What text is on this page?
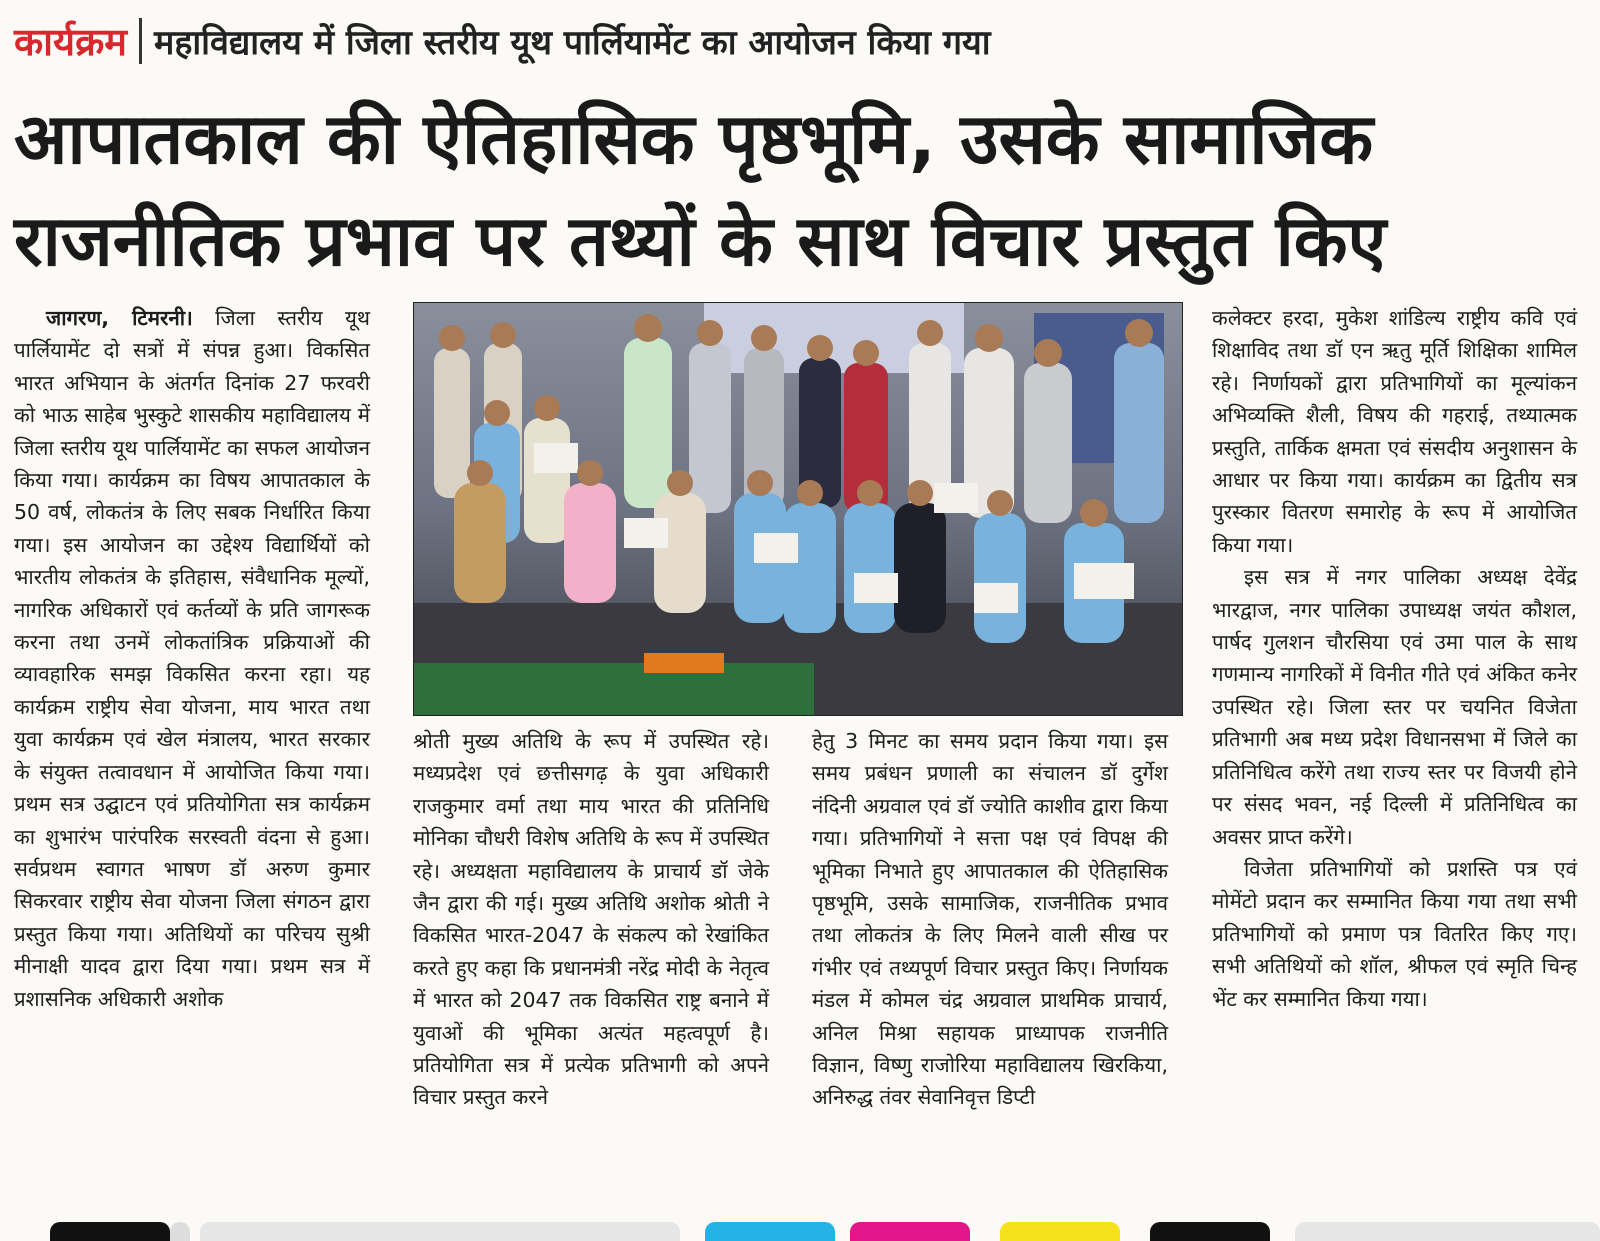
कार्यक्रम महाविद्यालय में जिला स्तरीय यूथ पार्लियामेंट का आयोजन किया गया
आपातकाल की ऐतिहासिक पृष्ठभूमि, उसके सामाजिक
राजनीतिक प्रभाव पर तथ्यों के साथ विचार प्रस्तुत किए

जागरण, टिमरनी। जिला स्तरीय यूथ पार्लियामेंट दो सत्रों में संपन्न हुआ। विकसित भारत अभियान के अंतर्गत दिनांक 27 फरवरी को भाऊ साहेब भुस्कुटे शासकीय महाविद्यालय में जिला स्तरीय यूथ पार्लियामेंट का सफल आयोजन किया गया। कार्यक्रम का विषय आपातकाल के 50 वर्ष, लोकतंत्र के लिए सबक निर्धारित किया गया। इस आयोजन का उद्देश्य विद्यार्थियों को भारतीय लोकतंत्र के इतिहास, संवैधानिक मूल्यों, नागरिक अधिकारों एवं कर्तव्यों के प्रति जागरूक करना तथा उनमें लोकतांत्रिक प्रक्रियाओं की व्यावहारिक समझ विकसित करना रहा। यह कार्यक्रम राष्ट्रीय सेवा योजना, माय भारत तथा युवा कार्यक्रम एवं खेल मंत्रालय, भारत सरकार के संयुक्त तत्वावधान में आयोजित किया गया। प्रथम सत्र उद्घाटन एवं प्रतियोगिता सत्र कार्यक्रम का शुभारंभ पारंपरिक सरस्वती वंदना से हुआ। सर्वप्रथम स्वागत भाषण डॉ अरुण कुमार सिकरवार राष्ट्रीय सेवा योजना जिला संगठन द्वारा प्रस्तुत किया गया। अतिथियों का परिचय सुश्री मीनाक्षी यादव द्वारा दिया गया। प्रथम सत्र में प्रशासनिक अधिकारी अशोक

श्रोती मुख्य अतिथि के रूप में उपस्थित रहे। मध्यप्रदेश एवं छत्तीसगढ़ के युवा अधिकारी राजकुमार वर्मा तथा माय भारत की प्रतिनिधि मोनिका चौधरी विशेष अतिथि के रूप में उपस्थित रहे। अध्यक्षता महाविद्यालय के प्राचार्य डॉ जेके जैन द्वारा की गई। मुख्य अतिथि अशोक श्रोती ने विकसित भारत-2047 के संकल्प को रेखांकित करते हुए कहा कि प्रधानमंत्री नरेंद्र मोदी के नेतृत्व में भारत को 2047 तक विकसित राष्ट्र बनाने में युवाओं की भूमिका अत्यंत महत्वपूर्ण है। प्रतियोगिता सत्र में प्रत्येक प्रतिभागी को अपने विचार प्रस्तुत करने

हेतु 3 मिनट का समय प्रदान किया गया। इस समय प्रबंधन प्रणाली का संचालन डॉ दुर्गेश नंदिनी अग्रवाल एवं डॉ ज्योति काशीव द्वारा किया गया। प्रतिभागियों ने सत्ता पक्ष एवं विपक्ष की भूमिका निभाते हुए आपातकाल की ऐतिहासिक पृष्ठभूमि, उसके सामाजिक, राजनीतिक प्रभाव तथा लोकतंत्र के लिए मिलने वाली सीख पर गंभीर एवं तथ्यपूर्ण विचार प्रस्तुत किए। निर्णायक मंडल में कोमल चंद्र अग्रवाल प्राथमिक प्राचार्य, अनिल मिश्रा सहायक प्राध्यापक राजनीति विज्ञान, विष्णु राजोरिया महाविद्यालय खिरकिया, अनिरुद्ध तंवर सेवानिवृत्त डिप्टी

कलेक्टर हरदा, मुकेश शांडिल्य राष्ट्रीय कवि एवं शिक्षाविद तथा डॉ एन ऋतु मूर्ति शिक्षिका शामिल रहे। निर्णायकों द्वारा प्रतिभागियों का मूल्यांकन अभिव्यक्ति शैली, विषय की गहराई, तथ्यात्मक प्रस्तुति, तार्किक क्षमता एवं संसदीय अनुशासन के आधार पर किया गया। कार्यक्रम का द्वितीय सत्र पुरस्कार वितरण समारोह के रूप में आयोजित किया गया।

इस सत्र में नगर पालिका अध्यक्ष देवेंद्र भारद्वाज, नगर पालिका उपाध्यक्ष जयंत कौशल, पार्षद गुलशन चौरसिया एवं उमा पाल के साथ गणमान्य नागरिकों में विनीत गीते एवं अंकित कनेर उपस्थित रहे। जिला स्तर पर चयनित विजेता प्रतिभागी अब मध्य प्रदेश विधानसभा में जिले का प्रतिनिधित्व करेंगे तथा राज्य स्तर पर विजयी होने पर संसद भवन, नई दिल्ली में प्रतिनिधित्व का अवसर प्राप्त करेंगे।

विजेता प्रतिभागियों को प्रशस्ति पत्र एवं मोमेंटो प्रदान कर सम्मानित किया गया तथा सभी प्रतिभागियों को प्रमाण पत्र वितरित किए गए। सभी अतिथियों को शॉल, श्रीफल एवं स्मृति चिन्ह भेंट कर सम्मानित किया गया।
